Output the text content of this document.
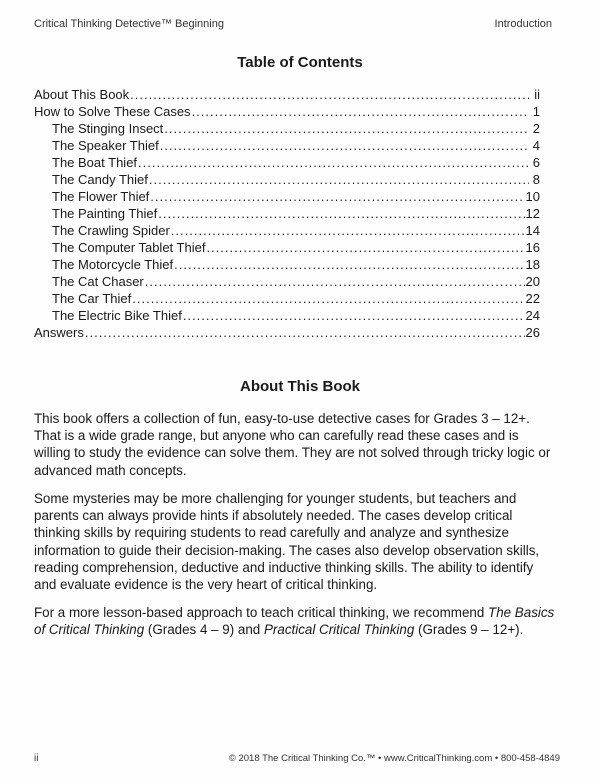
Critical Thinking Detective™ Beginning	Introduction
Table of Contents
About This Book .....	ii
How to Solve These Cases .....	1
The Stinging Insect .....	2
The Speaker Thief .....	4
The Boat Thief .....	6
The Candy Thief .....	8
The Flower Thief .....	10
The Painting Thief .....	12
The Crawling Spider .....	14
The Computer Tablet Thief .....	16
The Motorcycle Thief .....	18
The Cat Chaser .....	20
The Car Thief .....	22
The Electric Bike Thief .....	24
Answers .....	26
About This Book

This book offers a collection of fun, easy-to-use detective cases for Grades 3 – 12+. That is a wide grade range, but anyone who can carefully read these cases and is willing to study the evidence can solve them. They are not solved through tricky logic or advanced math concepts.

Some mysteries may be more challenging for younger students, but teachers and parents can always provide hints if absolutely needed. The cases develop critical thinking skills by requiring students to read carefully and analyze and synthesize information to guide their decision-making. The cases also develop observation skills, reading comprehension, deductive and inductive thinking skills. The ability to identify and evaluate evidence is the very heart of critical thinking.

For a more lesson-based approach to teach critical thinking, we recommend The Basics of Critical Thinking (Grades 4 – 9) and Practical Critical Thinking (Grades 9 – 12+).

ii	© 2018 The Critical Thinking Co.™ • www.CriticalThinking.com • 800-458-4849
